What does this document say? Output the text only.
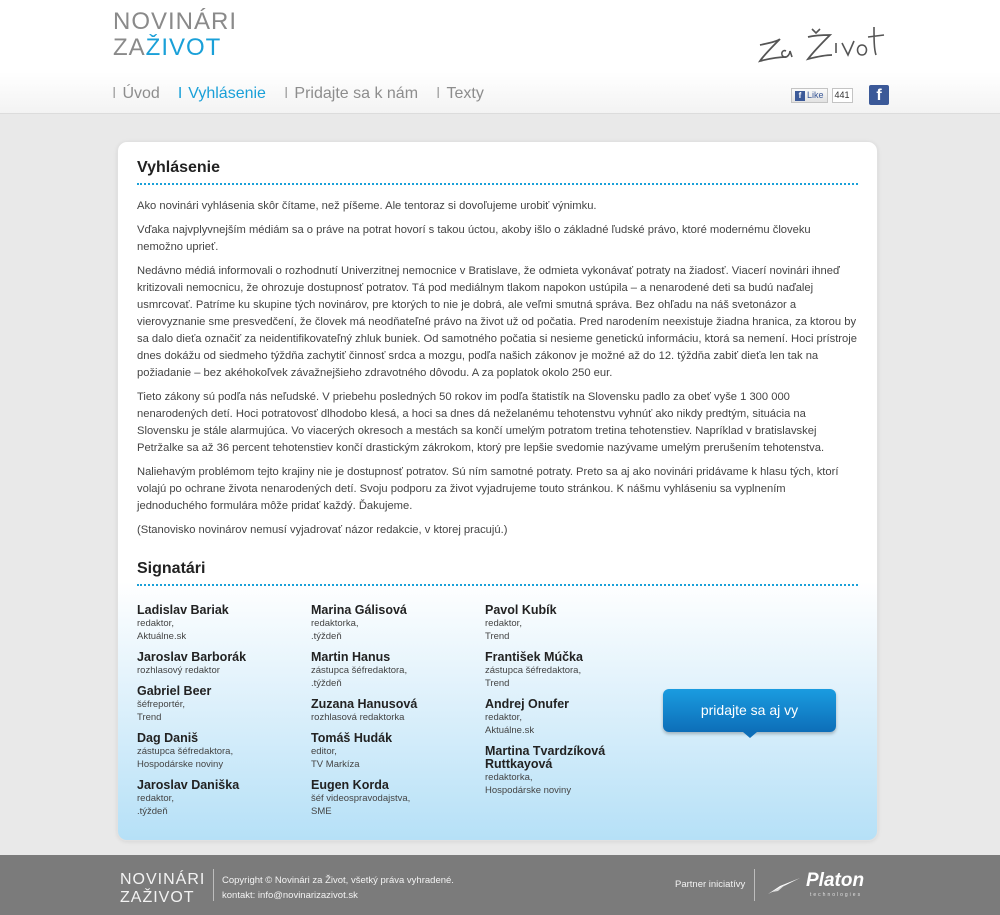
NOVINÁRI
ZAŽIVOT
I Úvod I Vyhlásenie I Pridajte sa k nám I Texty	f Like	441	f
Vyhlásenie

Ako novinári vyhlásenia skôr čítame, než píšeme. Ale tentoraz si dovoľujeme urobiť výnimku.

Vďaka najvplyvnejším médiám sa o práve na potrat hovorí s takou úctou, akoby išlo o základné ľudské právo, ktoré modernému človeku nemožno uprieť.

Nedávno médiá informovali o rozhodnutí Univerzitnej nemocnice v Bratislave, že odmieta vykonávať potraty na žiadosť. Viacerí novinári ihneď kritizovali nemocnicu, že ohrozuje dostupnosť potratov. Tá pod mediálnym tlakom napokon ustúpila – a nenarodené deti sa budú naďalej usmrcovať. Patríme ku skupine tých novinárov, pre ktorých to nie je dobrá, ale veľmi smutná správa. Bez ohľadu na náš svetonázor a vierovyznanie sme presvedčení, že človek má neodňateľné právo na život už od počatia. Pred narodením neexistuje žiadna hranica, za ktorou by sa dalo dieťa označiť za neidentifikovateľný zhluk buniek. Od samotného počatia si nesieme genetickú informáciu, ktorá sa nemení. Hoci prístroje dnes dokážu od siedmeho týždňa zachytiť činnosť srdca a mozgu, podľa našich zákonov je možné až do 12. týždňa zabiť dieťa len tak na požiadanie – bez akéhokoľvek závažnejšieho zdravotného dôvodu. A za poplatok okolo 250 eur.

Tieto zákony sú podľa nás neľudské. V priebehu posledných 50 rokov im podľa štatistík na Slovensku padlo za obeť vyše 1 300 000 nenarodených detí. Hoci potratovosť dlhodobo klesá, a hoci sa dnes dá neželanému tehotenstvu vyhnúť ako nikdy predtým, situácia na Slovensku je stále alarmujúca. Vo viacerých okresoch a mestách sa končí umelým potratom tretina tehotenstiev. Napríklad v bratislavskej Petržalke sa až 36 percent tehotenstiev končí drastickým zákrokom, ktorý pre lepšie svedomie nazývame umelým prerušením tehotenstva.

Naliehavým problémom tejto krajiny nie je dostupnosť potratov. Sú ním samotné potraty. Preto sa aj ako novinári pridávame k hlasu tých, ktorí volajú po ochrane života nenarodených detí. Svoju podporu za život vyjadrujeme touto stránkou. K nášmu vyhláseniu sa vyplnením jednoduchého formulára môže pridať každý. Ďakujeme.

(Stanovisko novinárov nemusí vyjadrovať názor redakcie, v ktorej pracujú.)

Signatári
Ladislav Bariak
redaktor,
Aktuálne.sk
Jaroslav Barborák
rozhlasový redaktor
Gabriel Beer
šéfreportér,
Trend
Dag Daniš
zástupca šéfredaktora,
Hospodárske noviny
Jaroslav Daniška
redaktor,
.týždeň
Marina Gálisová
redaktorka,
.týždeň
Martin Hanus
zástupca šéfredaktora,
.týždeň
Zuzana Hanusová
rozhlasová redaktorka
Tomáš Hudák
editor,
TV Markíza
Eugen Korda
šéf videospravodajstva,
SME
Pavol Kubík
redaktor,
Trend
František Múčka
zástupca šéfredaktora,
Trend
Andrej Onufer
redaktor,
Aktuálne.sk
Martina Tvardzíková Ruttkayová
redaktorka,
Hospodárske noviny
pridajte sa aj vy
NOVINÁRI
ZAŽIVOT
Copyright © Novinári za Život, všetký práva vyhradené.
kontakt: info@novinarizazivot.sk
Partner iniciatívy	Platon
technologies
